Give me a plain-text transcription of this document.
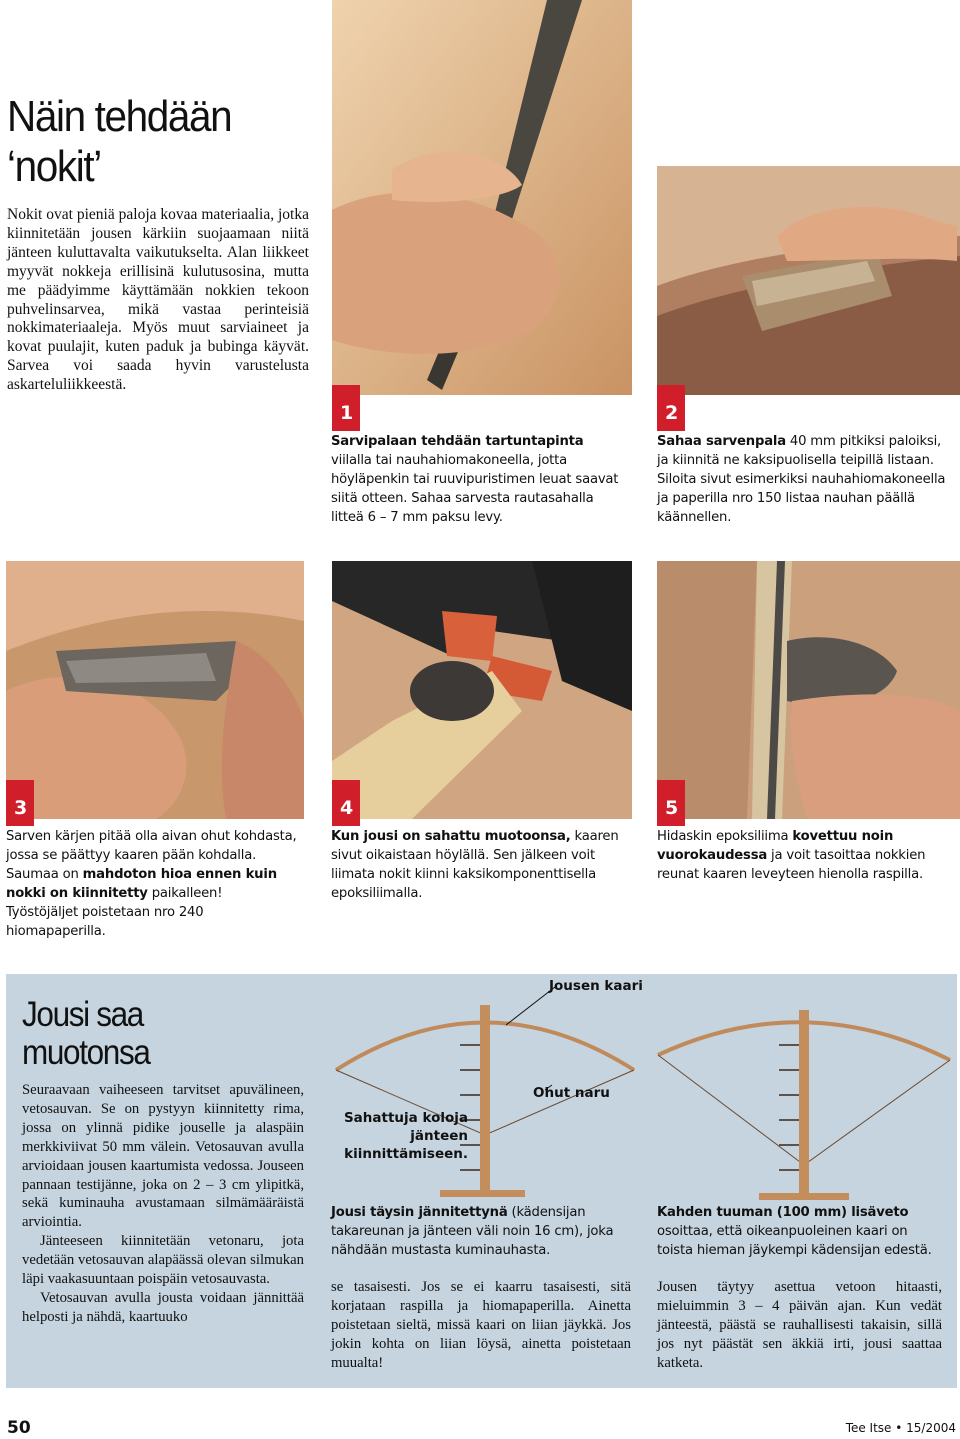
Näin tehdään
‘nokit’
Nokit ovat pieniä paloja kovaa materiaalia, jotka kiinnitetään jousen kärkiin suojaamaan niitä jänteen kuluttavalta vaikutukselta. Alan liikkeet myyvät nokkeja erillisinä kulutusosina, mutta me päädyimme käyttämään nokkien tekoon puhvelinsarvea, mikä vastaa perinteisiä nokkimateriaaleja. Myös muut sarviaineet ja kovat puulajit, kuten paduk ja bubinga käyvät. Sarvea voi saada hyvin varustelusta askarteluliikkeestä.
1
Sarvipalaan tehdään tartuntapinta viilalla tai nauhahiomakoneella, jotta höyläpenkin tai ruuvipuristimen leuat saavat siitä otteen. Sahaa sarvesta rautasahalla litteä 6 – 7 mm paksu levy.
2
Sahaa sarvenpala 40 mm pitkiksi paloiksi, ja kiinnitä ne kaksipuolisella teipillä listaan. Siloita sivut esimerkiksi nauhahiomakoneella ja paperilla nro 150 listaa nauhan päällä käännellen.
3
Sarven kärjen pitää olla aivan ohut kohdasta, jossa se päättyy kaaren pään kohdalla. Saumaa on mahdoton hioa ennen kuin nokki on kiinnitetty paikalleen! Työstöjäljet poistetaan nro 240 hiomapaperilla.
4
Kun jousi on sahattu muotoonsa, kaaren sivut oikaistaan höylällä. Sen jälkeen voit liimata nokit kiinni kaksikomponenttisella epoksiliimalla.
5
Hidaskin epoksiliima kovettuu noin vuorokaudessa ja voit tasoittaa nokkien reunat kaaren leveyteen hienolla raspilla.
Jousi saa
muotonsa

Seuraavaan vaiheeseen tarvitset apuvälineen, vetosauvan. Se on pystyyn kiinnitetty rima, jossa on ylinnä pidike jouselle ja alaspäin merkkiviivat 50 mm välein. Vetosauvan avulla arvioidaan jousen kaartumista vedossa. Jouseen pannaan testijänne, joka on 2 – 3 cm ylipitkä, sekä kuminauha avustamaan silmämääräistä arviointia.

Jänteeseen kiinnitetään vetonaru, jota vedetään vetosauvan alapäässä olevan silmukan läpi vaakasuuntaan poispäin vetosauvasta.

Vetosauvan avulla jousta voidaan jännittää helposti ja nähdä, kaartuuko

Jousen kaari
Ohut naru
Sahattuja koloja jänteen kiinnittämiseen.
Jousi täysin jännitettynä (kädensijan takareunan ja jänteen väli noin 16 cm), joka nähdään mustasta kuminauhasta.
Kahden tuuman (100 mm) lisäveto osoittaa, että oikeanpuoleinen kaari on toista hieman jäykempi kädensijan edestä.
se tasaisesti. Jos se ei kaarru tasaisesti, sitä korjataan raspilla ja hiomapaperilla. Ainetta poistetaan sieltä, missä kaari on liian jäykkä. Jos jokin kohta on liian löysä, ainetta poistetaan muualta!
Jousen täytyy asettua vetoon hitaasti, mieluimmin 3 – 4 päivän ajan. Kun vedät jänteestä, päästä se rauhallisesti takaisin, sillä jos nyt päästät sen äkkiä irti, jousi saattaa katketa.
50	Tee Itse • 15/2004
